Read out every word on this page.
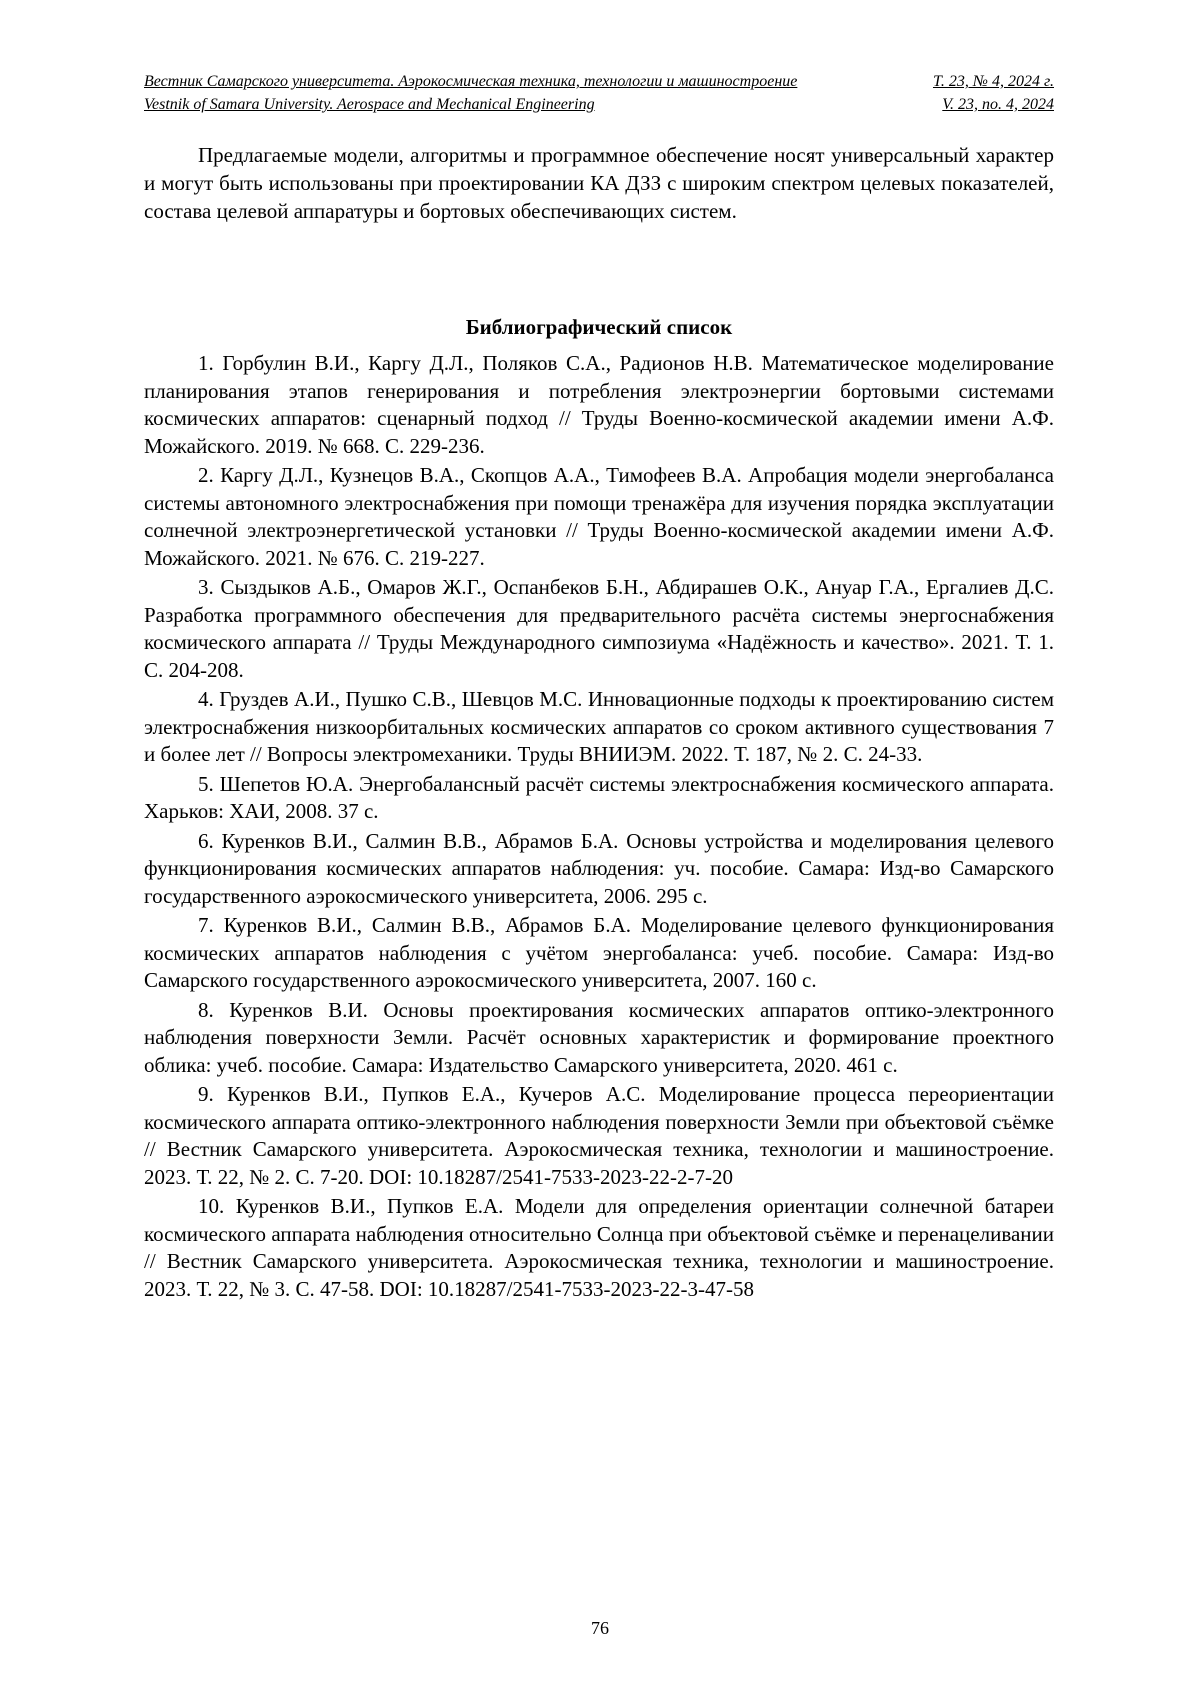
Вестник Самарского университета. Аэрокосмическая техника, технологии и машиностроение	Т. 23, № 4, 2024 г.
Vestnik of Samara University. Aerospace and Mechanical Engineering	V. 23, no. 4, 2024

Предлагаемые модели, алгоритмы и программное обеспечение носят универсальный характер и могут быть использованы при проектировании КА ДЗЗ с широким спектром целевых показателей, состава целевой аппаратуры и бортовых обеспечивающих систем.

Библиографический список
1. Горбулин В.И., Каргу Д.Л., Поляков С.А., Радионов Н.В. Математическое моделирование планирования этапов генерирования и потребления электроэнергии бортовыми системами космических аппаратов: сценарный подход // Труды Военно-космической академии имени А.Ф. Можайского. 2019. № 668. С. 229-236.
2. Каргу Д.Л., Кузнецов В.А., Скопцов А.А., Тимофеев В.А. Апробация модели энергобаланса системы автономного электроснабжения при помощи тренажёра для изучения порядка эксплуатации солнечной электроэнергетической установки // Труды Военно-космической академии имени А.Ф. Можайского. 2021. № 676. С. 219-227.
3. Сыздыков А.Б., Омаров Ж.Г., Оспанбеков Б.Н., Абдирашев О.К., Ануар Г.А., Ергалиев Д.С. Разработка программного обеспечения для предварительного расчёта системы энергоснабжения космического аппарата // Труды Международного симпозиума «Надёжность и качество». 2021. Т. 1. С. 204-208.
4. Груздев А.И., Пушко С.В., Шевцов М.С. Инновационные подходы к проектированию систем электроснабжения низкоорбитальных космических аппаратов со сроком активного существования 7 и более лет // Вопросы электромеханики. Труды ВНИИЭМ. 2022. Т. 187, № 2. С. 24-33.
5. Шепетов Ю.А. Энергобалансный расчёт системы электроснабжения космического аппарата. Харьков: ХАИ, 2008. 37 с.
6. Куренков В.И., Салмин В.В., Абрамов Б.А. Основы устройства и моделирования целевого функционирования космических аппаратов наблюдения: уч. пособие. Самара: Изд-во Самарского государственного аэрокосмического университета, 2006. 295 с.
7. Куренков В.И., Салмин В.В., Абрамов Б.А. Моделирование целевого функционирования космических аппаратов наблюдения с учётом энергобаланса: учеб. пособие. Самара: Изд-во Самарского государственного аэрокосмического университета, 2007. 160 с.
8. Куренков В.И. Основы проектирования космических аппаратов оптико-электронного наблюдения поверхности Земли. Расчёт основных характеристик и формирование проектного облика: учеб. пособие. Самара: Издательство Самарского университета, 2020. 461 с.
9. Куренков В.И., Пупков Е.А., Кучеров А.С. Моделирование процесса переориентации космического аппарата оптико-электронного наблюдения поверхности Земли при объектовой съёмке // Вестник Самарского университета. Аэрокосмическая техника, технологии и машиностроение. 2023. Т. 22, № 2. С. 7-20. DOI: 10.18287/2541-7533-2023-22-2-7-20
10. Куренков В.И., Пупков Е.А. Модели для определения ориентации солнечной батареи космического аппарата наблюдения относительно Солнца при объектовой съёмке и перенацеливании // Вестник Самарского университета. Аэрокосмическая техника, технологии и машиностроение. 2023. Т. 22, № 3. С. 47-58. DOI: 10.18287/2541-7533-2023-22-3-47-58
76
